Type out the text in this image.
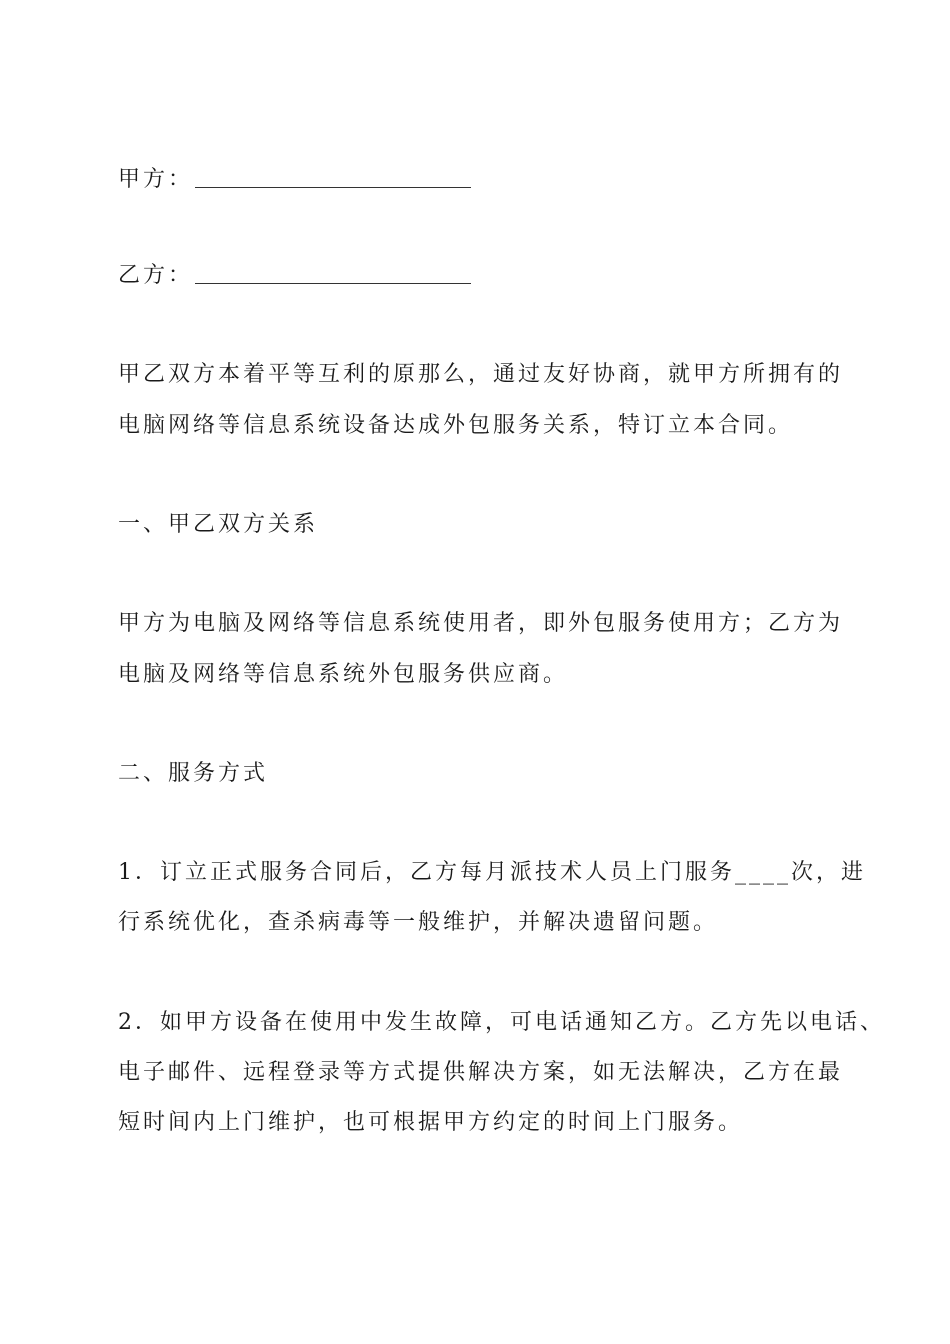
甲方：
乙方：
甲乙双方本着平等互利的原那么，通过友好协商，就甲方所拥有的
电脑网络等信息系统设备达成外包服务关系，特订立本合同。
一、甲乙双方关系
甲方为电脑及网络等信息系统使用者，即外包服务使用方；乙方为
电脑及网络等信息系统外包服务供应商。
二、服务方式
1．订立正式服务合同后，乙方每月派技术人员上门服务____次，进
行系统优化，查杀病毒等一般维护，并解决遗留问题。
2．如甲方设备在使用中发生故障，可电话通知乙方。乙方先以电话、
电子邮件、远程登录等方式提供解决方案，如无法解决，乙方在最
短时间内上门维护，也可根据甲方约定的时间上门服务。
